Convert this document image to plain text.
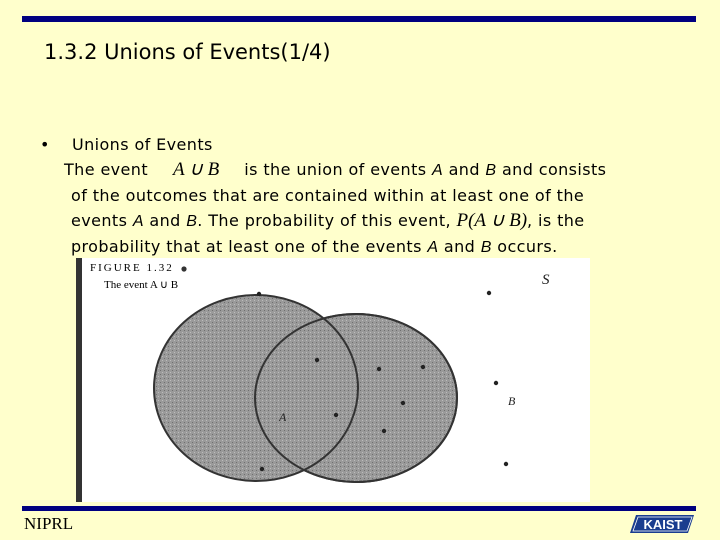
1.3.2 Unions of Events(1/4)
• Unions of Events
The event A ∪ B is the union of events A and B and consists
of the outcomes that are contained within at least one of the
events A and B. The probability of this event, P(A ∪ B), is the
probability that at least one of the events A and B occurs.
S
A
B
FIGURE 1.32
The event A ∪ B
NIPRL	KAIST
